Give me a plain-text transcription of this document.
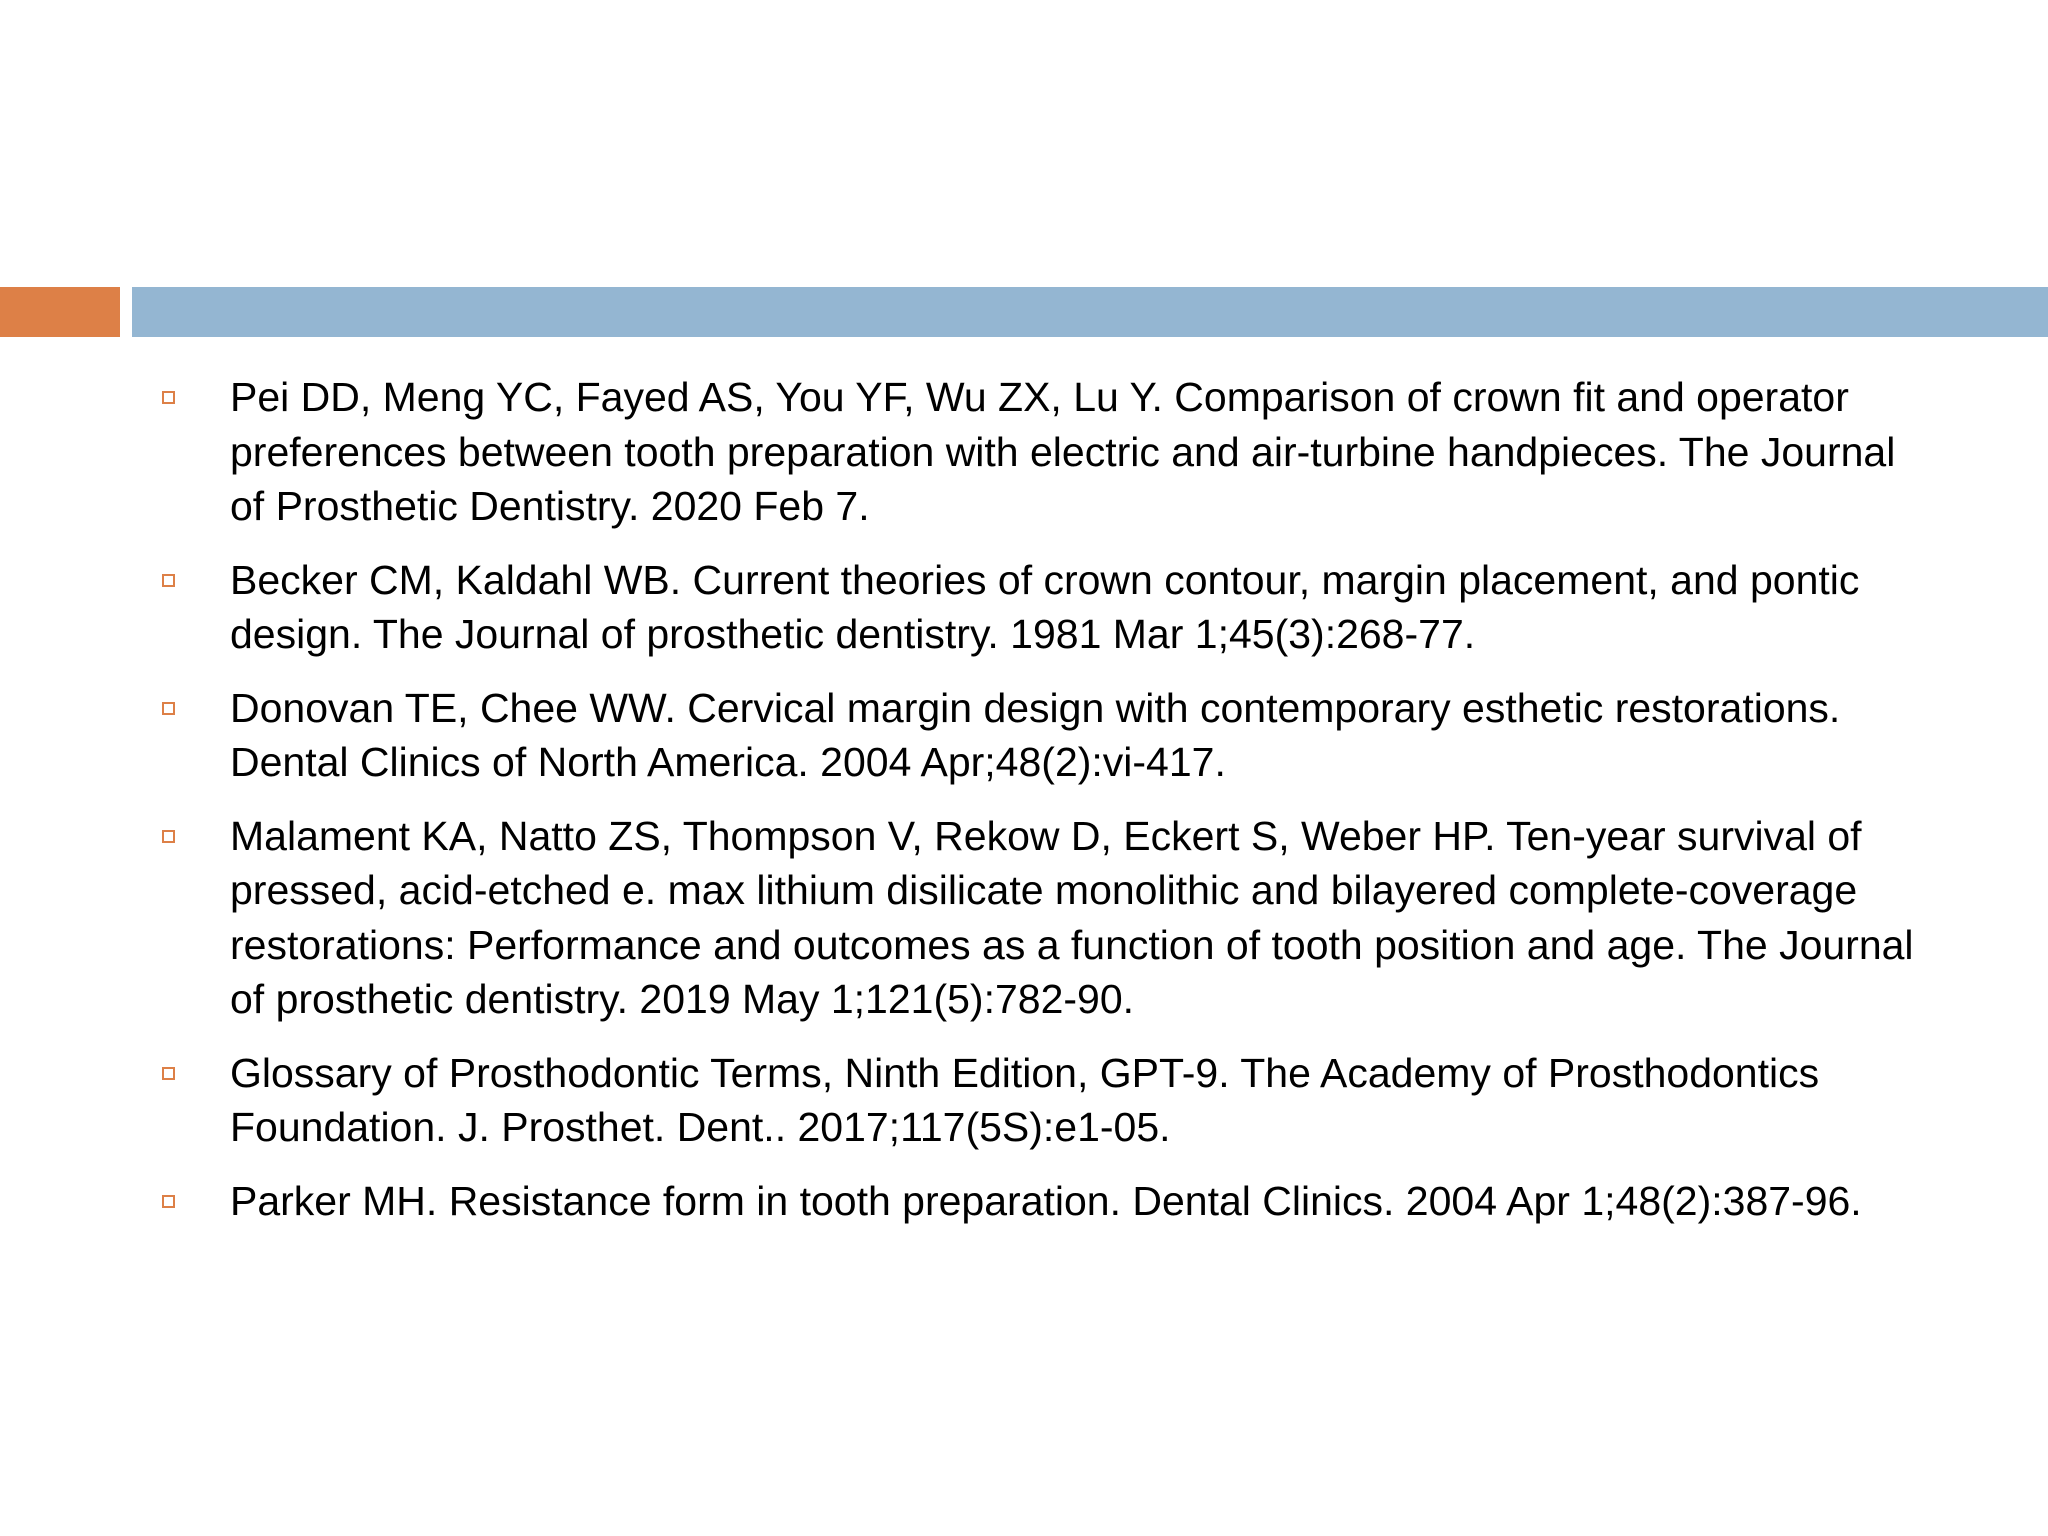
Pei DD, Meng YC, Fayed AS, You YF, Wu ZX, Lu Y. Comparison of crown fit and operator preferences between tooth preparation with electric and air-turbine handpieces. The Journal of Prosthetic Dentistry. 2020 Feb 7.
Becker CM, Kaldahl WB. Current theories of crown contour, margin placement, and pontic design. The Journal of prosthetic dentistry. 1981 Mar 1;45(3):268-77.
Donovan TE, Chee WW. Cervical margin design with contemporary esthetic restorations. Dental Clinics of North America. 2004 Apr;48(2):vi-417.
Malament KA, Natto ZS, Thompson V, Rekow D, Eckert S, Weber HP. Ten-year survival of pressed, acid-etched e. max lithium disilicate monolithic and bilayered complete-coverage restorations: Performance and outcomes as a function of tooth position and age. The Journal of prosthetic dentistry. 2019 May 1;121(5):782-90.
Glossary of Prosthodontic Terms, Ninth Edition, GPT-9. The Academy of Prosthodontics Foundation. J. Prosthet. Dent.. 2017;117(5S):e1-05.
Parker MH. Resistance form in tooth preparation. Dental Clinics. 2004 Apr 1;48(2):387-96.
